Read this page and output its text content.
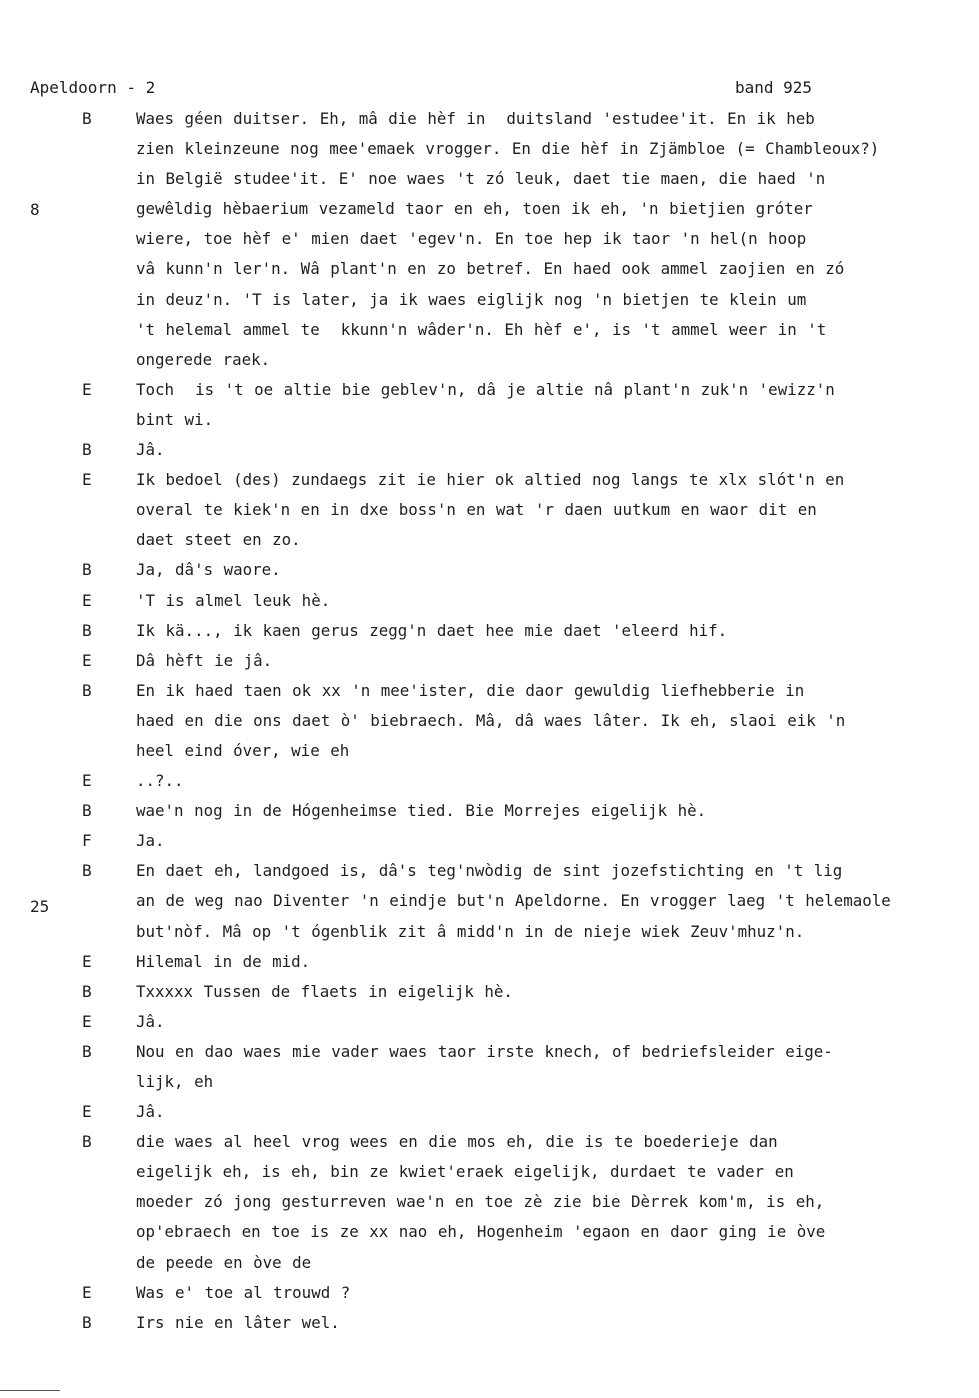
Apeldoorn - 2	band 925
8
25
B	Waes géen duitser. Eh, mâ die hèf in  duitsland 'estudee'it. En ik heb
zien kleinzeune nog mee'emaek vrogger. En die hèf in Zjämbloe (= Chambleoux?)
in België studee'it. E' noe waes 't zó leuk, daet tie maen, die haed 'n
gewêldig hèbaerium vezameld taor en eh, toen ik eh, 'n bietjien gróter
wiere, toe hèf e' mien daet 'egev'n. En toe hep ik taor 'n hel(n hoop
vâ kunn'n ler'n. Wâ plant'n en zo betref. En haed ook ammel zaojien en zó
in deuz'n. 'T is later, ja ik waes eiglijk nog 'n bietjen te klein um
't helemal ammel te  kkunn'n wâder'n. Eh hèf e', is 't ammel weer in 't
ongerede raek.
E	Toch  is 't oe altie bie geblev'n, dâ je altie nâ plant'n zuk'n 'ewizz'n
bint wi.
B	Jâ.
E	Ik bedoel (des) zundaegs zit ie hier ok altied nog langs te xlx slót'n en
overal te kiek'n en in dxe boss'n en wat 'r daen uutkum en waor dit en
daet steet en zo.
B	Ja, dâ's waore.
E	'T is almel leuk hè.
B	Ik kä..., ik kaen gerus zegg'n daet hee mie daet 'eleerd hif.
E	Dâ hèft ie jâ.
B	En ik haed taen ok xx 'n mee'ister, die daor gewuldig liefhebberie in
haed en die ons daet ò' biebraech. Mâ, dâ waes lâter. Ik eh, slaoi eik 'n
heel eind óver, wie eh
E	..?..
B	wae'n nog in de Hógenheimse tied. Bie Morrejes eigelijk hè.
F	Ja.
B	En daet eh, landgoed is, dâ's teg'nwòdig de sint jozefstichting en 't lig
an de weg nao Diventer 'n eindje but'n Apeldorne. En vrogger laeg 't helemaole
but'nòf. Mâ op 't ógenblik zit â midd'n in de nieje wiek Zeuv'mhuz'n.
E	Hilemal in de mid.
B	Txxxxx Tussen de flaets in eigelijk hè.
E	Jâ.
B	Nou en dao waes mie vader waes taor irste knech, of bedriefsleider eige-
lijk, eh
E	Jâ.
B	die waes al heel vrog wees en die mos eh, die is te boederieje dan
eigelijk eh, is eh, bin ze kwiet'eraek eigelijk, durdaet te vader en
moeder zó jong gesturreven wae'n en toe zè zie bie Dèrrek kom'm, is eh,
op'ebraech en toe is ze xx nao eh, Hogenheim 'egaon en daor ging ie òve
de peede en òve de
E	Was e' toe al trouwd ?
B	Irs nie en lâter wel.
